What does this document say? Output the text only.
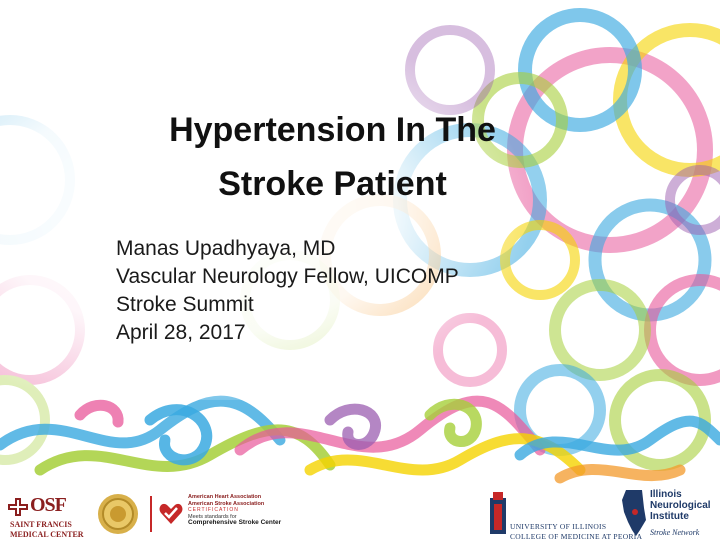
Hypertension In The
Stroke Patient
Manas Upadhyaya, MD
Vascular Neurology Fellow, UICOMP
Stroke Summit
April 28, 2017
OSF
SAINT FRANCIS
MEDICAL CENTER
American Heart Association
American Stroke Association
CERTIFICATION
Meets standards for
Comprehensive Stroke Center	UNIVERSITY OF ILLINOIS
COLLEGE OF MEDICINE AT PEORIA
Illinois
Neurological
Institute
Stroke Network
